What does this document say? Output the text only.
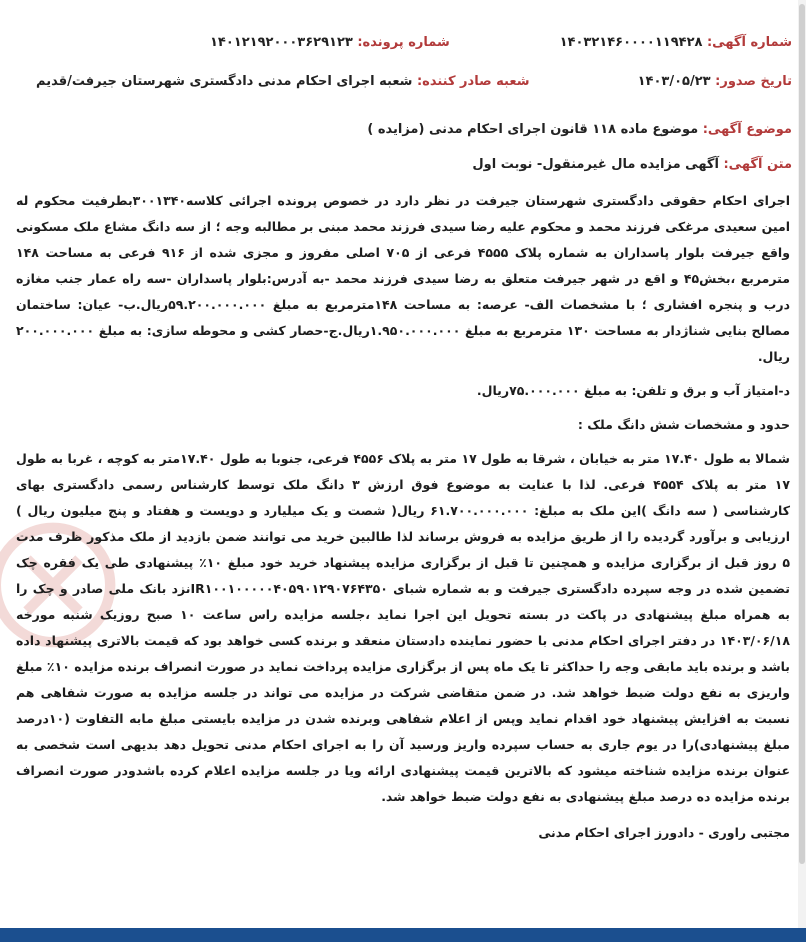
شماره آگهی: ۱۴۰۳۲۱۴۶۰۰۰۰۱۱۹۴۲۸
شماره پرونده: ۱۴۰۱۲۱۹۲۰۰۰۳۶۲۹۱۲۳
تاریخ صدور: ۱۴۰۳/۰۵/۲۳
شعبه صادر کننده: شعبه اجرای احکام مدنی دادگستری شهرستان جیرفت/قدیم
موضوع آگهی: موضوع ماده ۱۱۸ قانون اجرای احکام مدنی (مزایده )
متن آگهی: آگهی مزایده مال غیرمنقول- نوبت اول

اجرای احکام حقوقی دادگستری شهرستان جیرفت در نظر دارد در خصوص پرونده اجرائی کلاسه۳۰۰۱۳۴۰بطرفیت محکوم له امین سعیدی مرغکی فرزند محمد و محکوم علیه رضا سیدی فرزند محمد مبنی بر مطالبه وجه ؛ از سه دانگ مشاع ملک مسکونی واقع جیرفت بلوار پاسداران به شماره پلاک ۴۵۵۵ فرعی از ۷۰۵ اصلی مفروز و مجزی شده از ۹۱۶ فرعی به مساحت ۱۴۸ مترمربع ،بخش۴۵ و اقع در شهر جیرفت متعلق به رضا سیدی فرزند محمد -به آدرس:بلوار پاسداران -سه راه عمار جنب مغازه درب و پنجره افشاری ؛ با مشخصات الف- عرصه: به مساحت ۱۴۸مترمربع به مبلغ ۵۹.۲۰۰.۰۰۰.۰۰۰ریال.ب- عیان: ساختمان مصالح بنایی شناژدار به مساحت ۱۳۰ مترمربع به مبلغ ۱.۹۵۰.۰۰۰.۰۰۰ریال.ج-حصار کشی و محوطه سازی: به مبلغ ۲۰۰.۰۰۰.۰۰۰ ریال.

د-امتیاز آب و برق و تلفن: به مبلغ ۷۵.۰۰۰.۰۰۰ریال.

حدود و مشخصات شش دانگ ملک :

شمالا به طول ۱۷.۴۰ متر به خیابان ، شرقا به طول ۱۷ متر به پلاک ۴۵۵۶ فرعی، جنوبا به طول ۱۷.۴۰متر به کوچه ، غربا به طول ۱۷ متر به پلاک ۴۵۵۴ فرعی. لذا با عنایت به موضوع فوق ارزش ۳ دانگ ملک توسط کارشناس رسمی دادگستری بهای کارشناسی ( سه دانگ )این ملک به مبلغ: ۶۱.۷۰۰.۰۰۰.۰۰۰ ریال( شصت و یک میلیارد و دویست و هفتاد و پنج میلیون ریال ) ارزیابی و برآورد گردیده را از طریق مزایده به فروش برساند لذا طالبین خرید می توانند ضمن بازدید از ملک مذکور ظرف مدت ۵ روز قبل از برگزاری مزایده و همچنین تا قبل از برگزاری مزایده پیشنهاد خرید خود مبلغ ۱۰٪ پیشنهادی طی یک فقره چک تضمین شده در وجه سپرده دادگستری جیرفت و به شماره شبای IR۱۰۰۱۰۰۰۰۰۴۰۵۹۰۱۲۹۰۷۶۴۳۵۰نزد بانک ملی صادر و چک را به همراه مبلغ پیشنهادی در پاکت در بسته تحویل این اجرا نماید ،جلسه مزایده راس ساعت ۱۰ صبح روزیک شنبه مورخه ۱۴۰۳/۰۶/۱۸ در دفتر اجرای احکام مدنی با حضور نماینده دادستان منعقد و برنده کسی خواهد بود که قیمت بالاتری پیشنهاد داده باشد و برنده باید مابقی وجه را حداکثر تا یک ماه پس از برگزاری مزایده پرداخت نماید در صورت انصراف برنده مزایده ۱۰٪ مبلغ واریزی به نفع دولت ضبط خواهد شد. در ضمن متقاضی شرکت در مزایده می تواند در جلسه مزایده به صورت شفاهی هم نسبت به افزایش پیشنهاد خود اقدام نماید وپس از اعلام شفاهی وبرنده شدن در مزایده بایستی مبلغ مابه التفاوت (۱۰درصد مبلغ پیشنهادی)را در یوم جاری به حساب سپرده واریز ورسید آن را به اجرای احکام مدنی تحویل دهد بدیهی است شخصی به عنوان برنده مزایده شناخته میشود که بالاترین قیمت پیشنهادی ارائه ویا در جلسه مزایده اعلام کرده باشدودر صورت انصراف برنده مزایده ده درصد مبلغ پیشنهادی به نفع دولت ضبط خواهد شد.

مجتبی راوری - دادورز اجرای احکام مدنی
